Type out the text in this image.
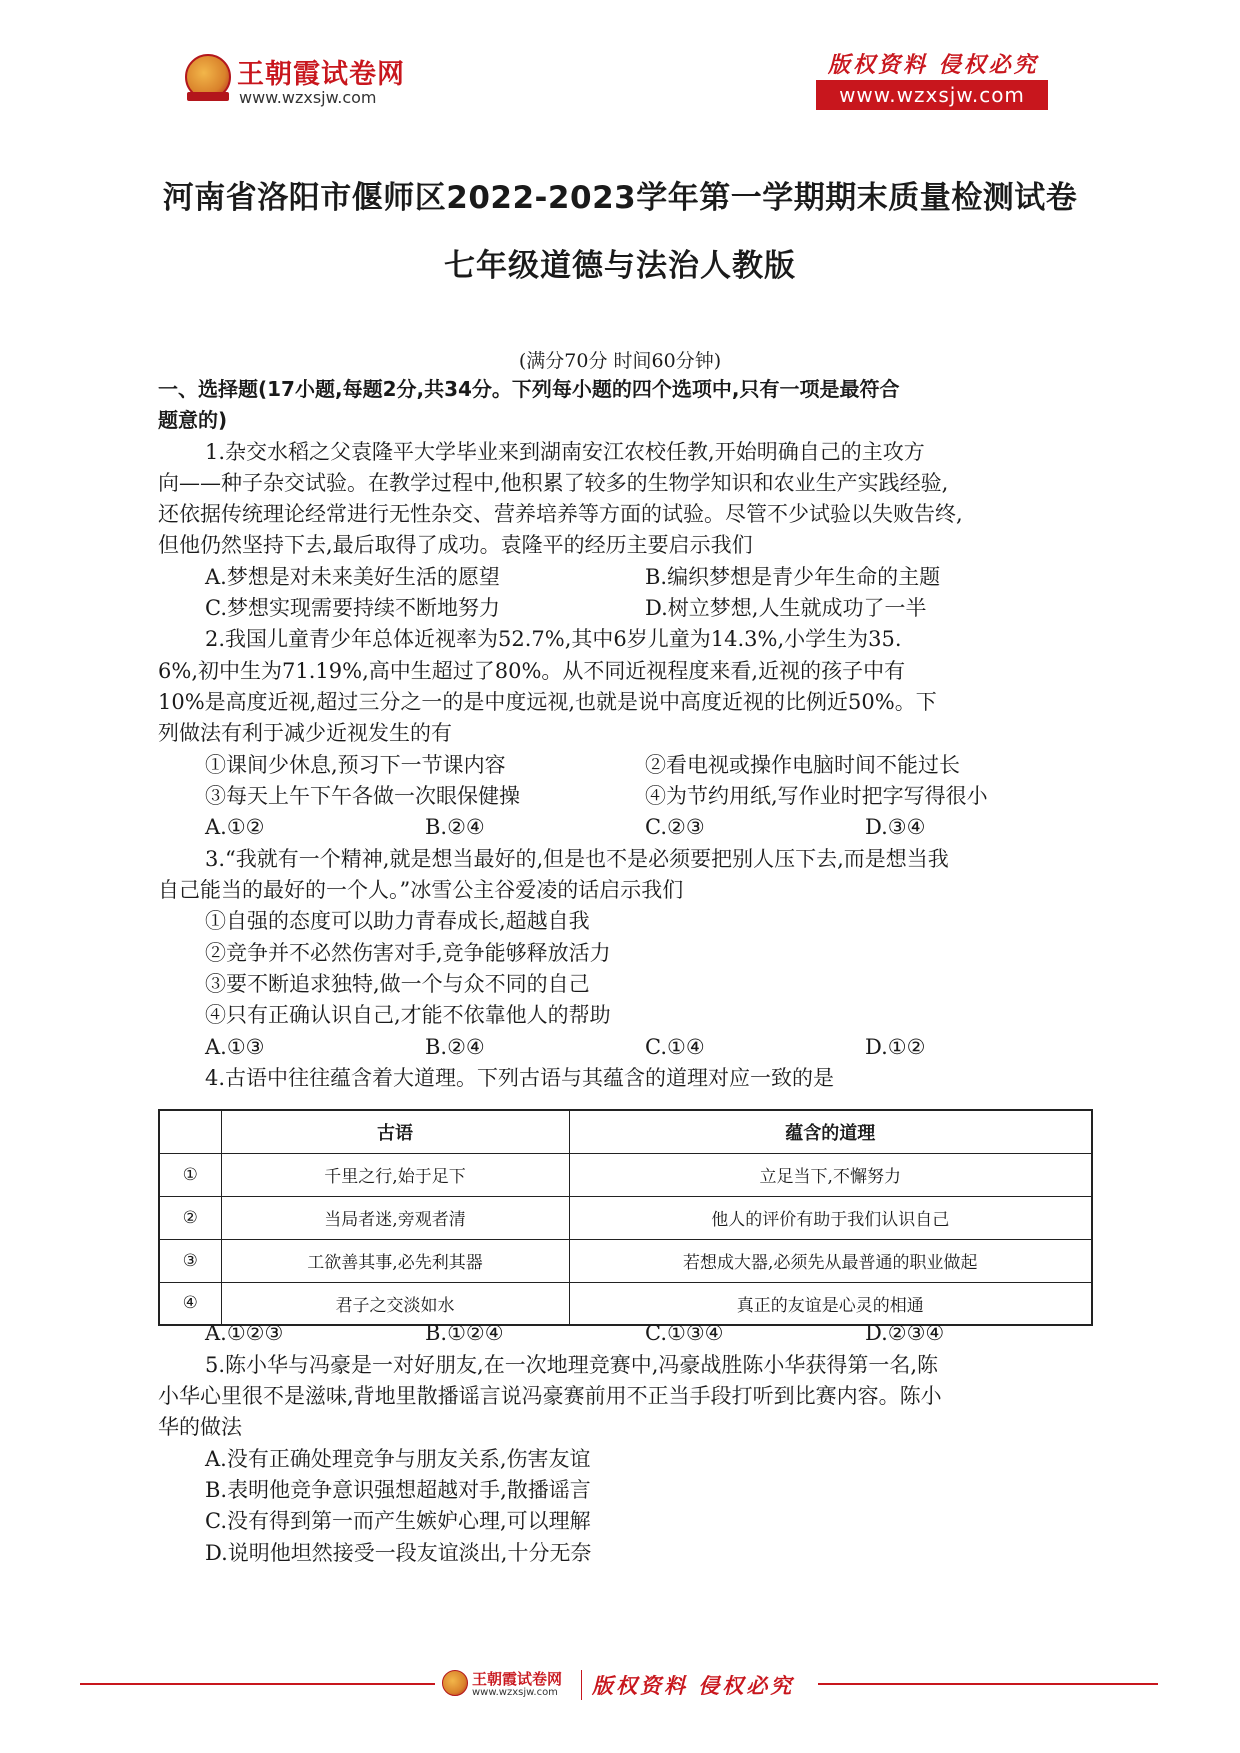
王朝霞试卷网
www.wzxsjw.com
版权资料 侵权必究
www.wzxsjw.com
河南省洛阳市偃师区2022-2023学年第一学期期末质量检测试卷
七年级道德与法治人教版
(满分70分 时间60分钟)
一、选择题(17小题,每题2分,共34分。下列每小题的四个选项中,只有一项是最符合
题意的)
1.杂交水稻之父袁隆平大学毕业来到湖南安江农校任教,开始明确自己的主攻方
向——种子杂交试验。在教学过程中,他积累了较多的生物学知识和农业生产实践经验,
还依据传统理论经常进行无性杂交、营养培养等方面的试验。尽管不少试验以失败告终,
但他仍然坚持下去,最后取得了成功。袁隆平的经历主要启示我们
A.梦想是对未来美好生活的愿望	B.编织梦想是青少年生命的主题
C.梦想实现需要持续不断地努力	D.树立梦想,人生就成功了一半
2.我国儿童青少年总体近视率为52.7%,其中6岁儿童为14.3%,小学生为35.
6%,初中生为71.19%,高中生超过了80%。从不同近视程度来看,近视的孩子中有
10%是高度近视,超过三分之一的是中度远视,也就是说中高度近视的比例近50%。下
列做法有利于减少近视发生的有
①课间少休息,预习下一节课内容	②看电视或操作电脑时间不能过长
③每天上午下午各做一次眼保健操	④为节约用纸,写作业时把字写得很小
A.①②	B.②④	C.②③	D.③④
3.“我就有一个精神,就是想当最好的,但是也不是必须要把别人压下去,而是想当我
自己能当的最好的一个人。”冰雪公主谷爱凌的话启示我们
①自强的态度可以助力青春成长,超越自我
②竞争并不必然伤害对手,竞争能够释放活力
③要不断追求独特,做一个与众不同的自己
④只有正确认识自己,才能不依靠他人的帮助
A.①③	B.②④	C.①④	D.①②
4.古语中往往蕴含着大道理。下列古语与其蕴含的道理对应一致的是
	古语	蕴含的道理
①	千里之行,始于足下	立足当下,不懈努力
②	当局者迷,旁观者清	他人的评价有助于我们认识自己
③	工欲善其事,必先利其器	若想成大器,必须先从最普通的职业做起
④	君子之交淡如水	真正的友谊是心灵的相通
A.①②③	B.①②④	C.①③④	D.②③④
5.陈小华与冯豪是一对好朋友,在一次地理竞赛中,冯豪战胜陈小华获得第一名,陈
小华心里很不是滋味,背地里散播谣言说冯豪赛前用不正当手段打听到比赛内容。陈小
华的做法
A.没有正确处理竞争与朋友关系,伤害友谊
B.表明他竞争意识强想超越对手,散播谣言
C.没有得到第一而产生嫉妒心理,可以理解
D.说明他坦然接受一段友谊淡出,十分无奈
王朝霞试卷网
www.wzxsjw.com 版权资料 侵权必究
